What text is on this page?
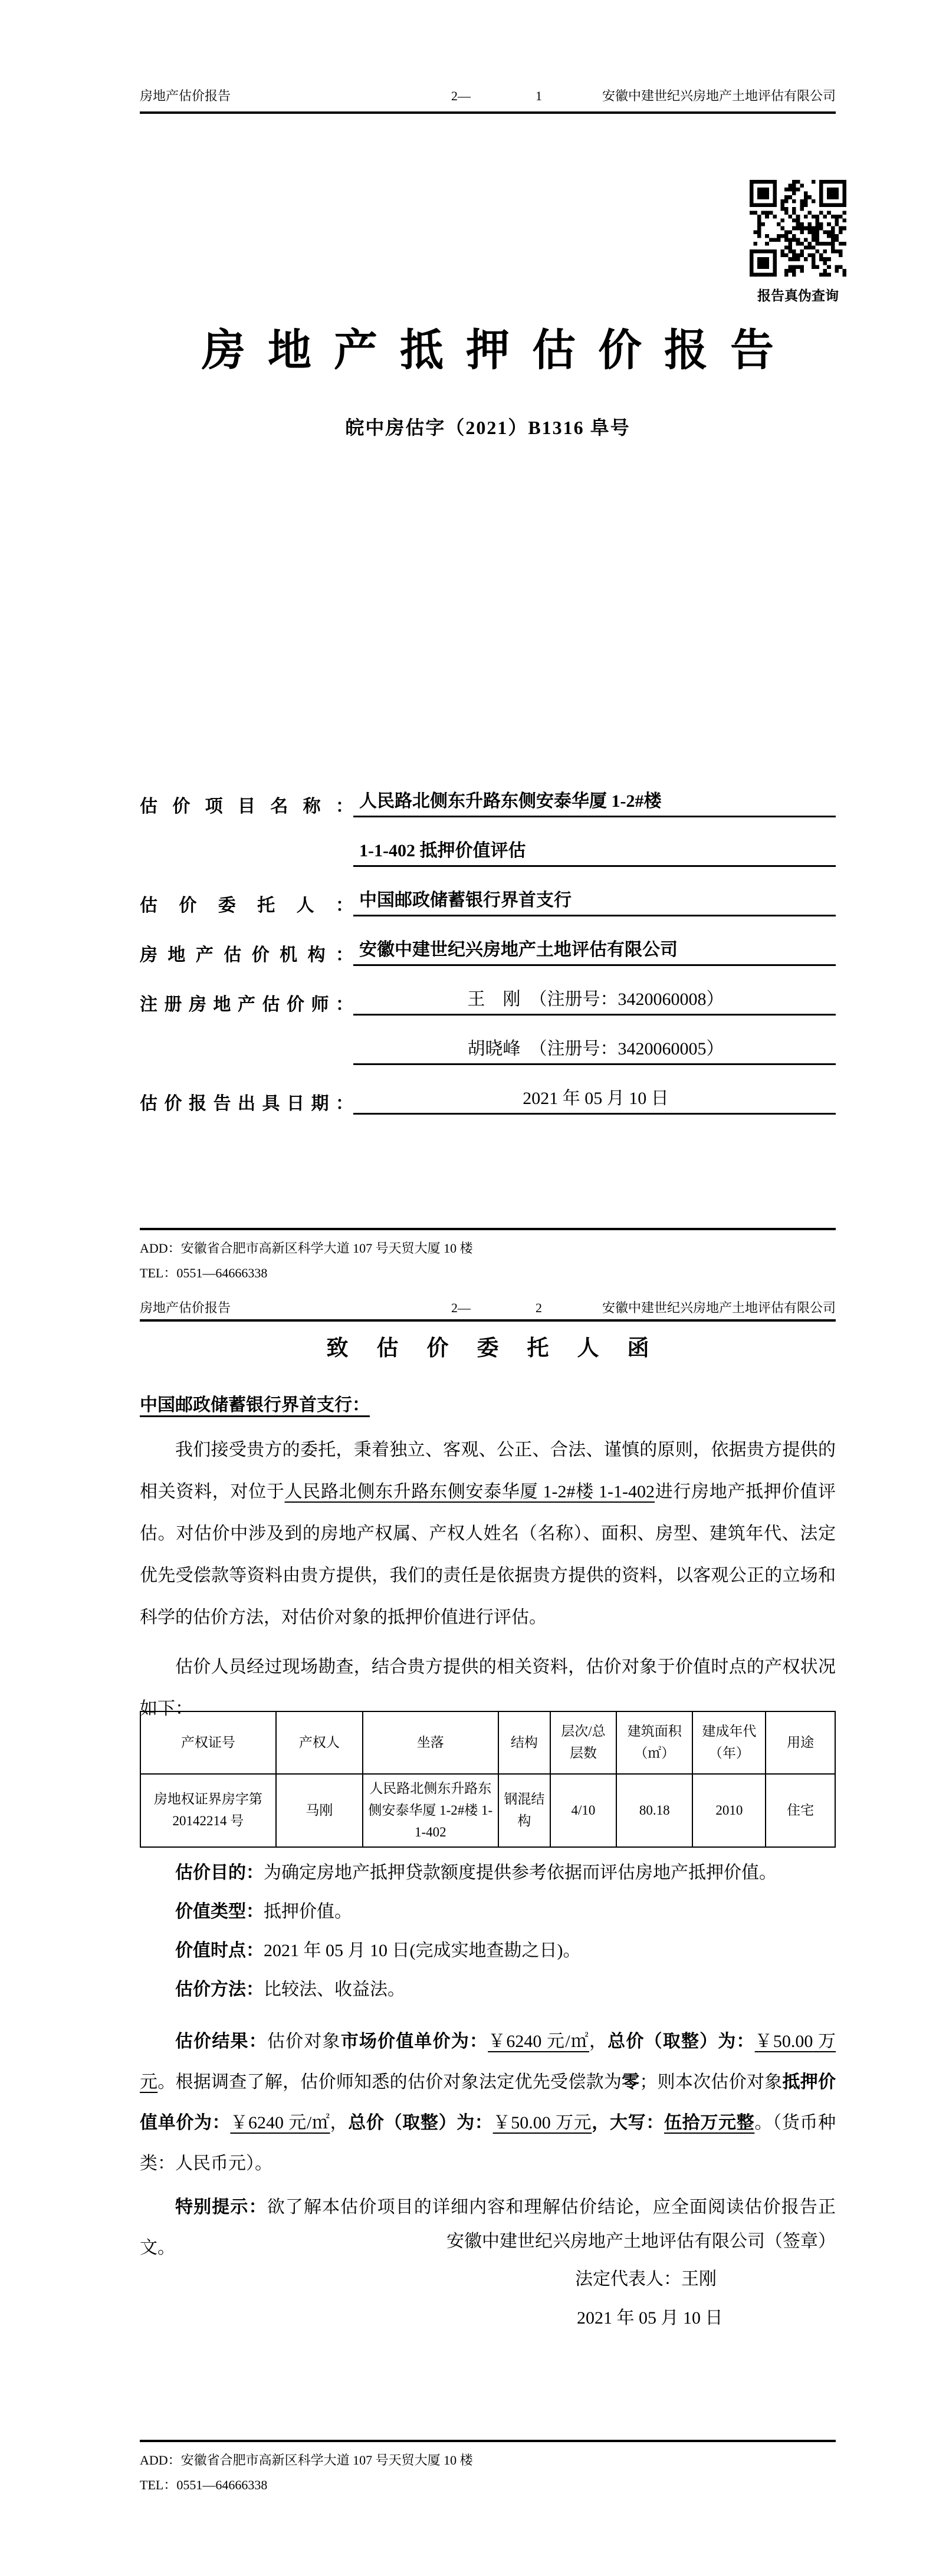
房地产估价报告	2—	1	安徽中建世纪兴房地产土地评估有限公司
报告真伪查询
房地产抵押估价报告
皖中房估字（2021）B1316 阜号
估价项目名称： 人民路北侧东升路东侧安泰华厦 1-2#楼
1-1-402 抵押价值评估
估价委托人： 中国邮政储蓄银行界首支行
房地产估价机构： 安徽中建世纪兴房地产土地评估有限公司
注册房地产估价师：	王　刚　（注册号：3420060008）
胡晓峰　（注册号：3420060005）
估价报告出具日期：	2021 年 05 月 10 日
ADD：安徽省合肥市高新区科学大道 107 号天贸大厦 10 楼
TEL：0551—64666338
房地产估价报告	2—	2	安徽中建世纪兴房地产土地评估有限公司
致估价委托人函
中国邮政储蓄银行界首支行：

我们接受贵方的委托，秉着独立、客观、公正、合法、谨慎的原则，依据贵方提供的相关资料，对位于人民路北侧东升路东侧安泰华厦 1-2#楼 1-1-402进行房地产抵押价值评估。对估价中涉及到的房地产权属、产权人姓名（名称）、面积、房型、建筑年代、法定优先受偿款等资料由贵方提供，我们的责任是依据贵方提供的资料，以客观公正的立场和科学的估价方法，对估价对象的抵押价值进行评估。

估价人员经过现场勘查，结合贵方提供的相关资料，估价对象于价值时点的产权状况如下：

产权证号	产权人	坐落	结构	层次/总层数	建筑面积（㎡）	建成年代（年）	用途
房地权证界房字第 20142214 号	马刚	人民路北侧东升路东侧安泰华厦 1-2#楼 1-1-402	钢混结构	4/10	80.18	2010	住宅
估价目的：为确定房地产抵押贷款额度提供参考依据而评估房地产抵押价值。
价值类型：抵押价值。
价值时点：2021 年 05 月 10 日(完成实地查勘之日)。
估价方法：比较法、收益法。

估价结果：估价对象市场价值单价为：￥6240 元/㎡，总价（取整）为：￥50.00 万元。根据调查了解，估价师知悉的估价对象法定优先受偿款为零；则本次估价对象抵押价值单价为：￥6240 元/㎡，总价（取整）为：￥50.00 万元，大写：伍拾万元整。（货币种类：人民币元）。

特别提示：欲了解本估价项目的详细内容和理解估价结论，应全面阅读估价报告正文。	安徽中建世纪兴房地产土地评估有限公司（签章）
法定代表人：王刚
2021 年 05 月 10 日
ADD：安徽省合肥市高新区科学大道 107 号天贸大厦 10 楼
TEL：0551—64666338
